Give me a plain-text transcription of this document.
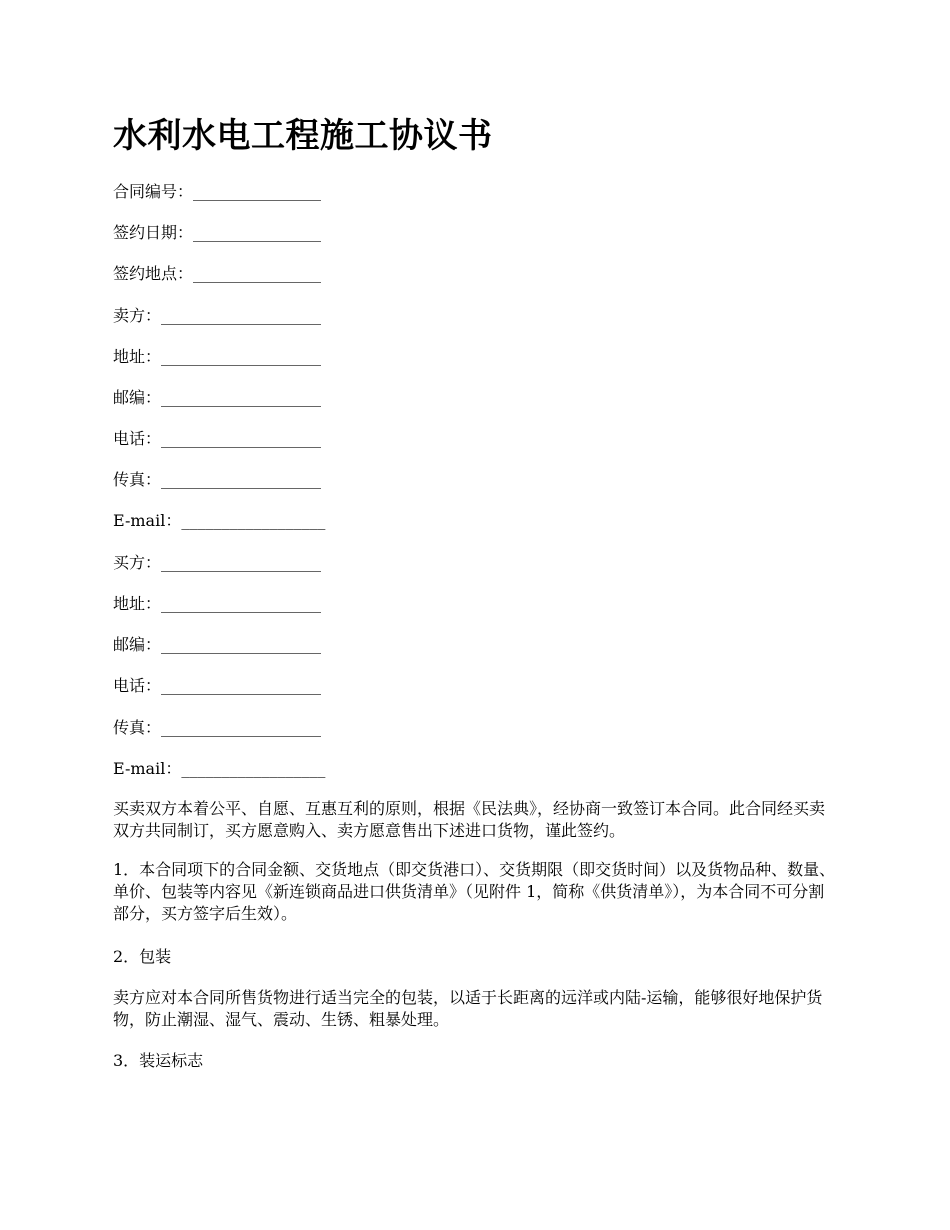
水利水电工程施工协议书
合同编号：________________
签约日期：________________
签约地点：________________
卖方：____________________
地址：____________________
邮编：____________________
电话：____________________
传真：____________________
E-mail：__________________
买方：____________________
地址：____________________
邮编：____________________
电话：____________________
传真：____________________
E-mail：__________________
买卖双方本着公平、自愿、互惠互利的原则，根据《民法典》，经协商一致签订本合同。此合同经买卖双方共同制订，买方愿意购入、卖方愿意售出下述进口货物，谨此签约。
1．本合同项下的合同金额、交货地点（即交货港口）、交货期限（即交货时间）以及货物品种、数量、单价、包装等内容见《新连锁商品进口供货清单》（见附件 1，简称《供货清单》），为本合同不可分割部分，买方签字后生效）。
2．包装
卖方应对本合同所售货物进行适当完全的包装，以适于长距离的远洋或内陆-运输，能够很好地保护货物，防止潮湿、湿气、震动、生锈、粗暴处理。
3．装运标志
